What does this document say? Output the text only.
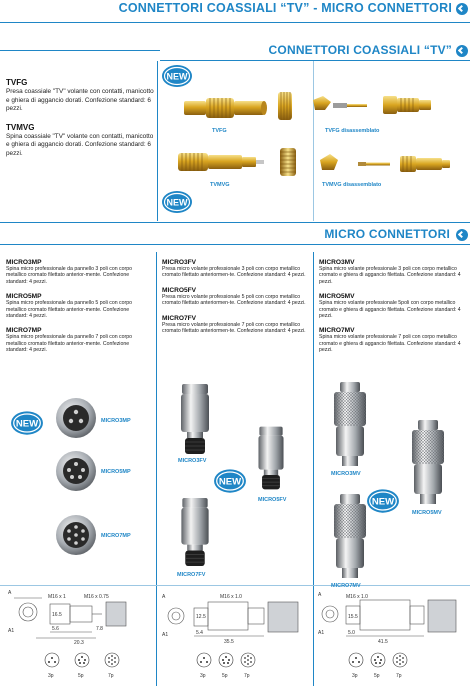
CONNETTORI COASSIALI “TV” - MICRO CONNETTORI
CONNETTORI COASSIALI “TV”
TVFG
Presa coassiale "TV" volante con contatti, manicotto e ghiera di aggancio dorati. Confezione standard: 6 pezzi.
TVMVG
Spina coassiale "TV" volante con contatti, manicotto e ghiera di aggancio dorati. Confezione standard: 6 pezzi.
NEW
NEW
TVFG	TVFG disassemblato
TVMVG	TVMVG disassemblato
MICRO CONNETTORI
MICRO3MP
Spina micro professionale da pannello 3 poli con corpo metallico cromato filettato anterior-mente. Confezione standard: 4 pezzi.
MICRO5MP
Spina micro professionale da pannello 5 poli con corpo metallico cromato filettato anterior-mente. Confezione standard: 4 pezzi.
MICRO7MP
Spina micro professionale da pannello 7 poli con corpo metallico cromato filettato anterior-mente. Confezione standard: 4 pezzi.
MICRO3FV
Presa micro volante professionale 3 poli con corpo metallico cromato filettato anteriormen-te. Confezione standard: 4 pezzi.
MICRO5FV
Presa micro volante professionale 5 poli con corpo metallico cromato filettato anteriormen-te. Confezione standard: 4 pezzi.
MICRO7FV
Presa micro volante professionale 7 poli con corpo metallico cromato filettato anteriormen-te. Confezione standard: 4 pezzi.
MICRO3MV
Spina micro volante professionale 3 poli con corpo metallico cromato e ghiera di aggancio filettata. Confezione standard: 4 pezzi.
MICRO5MV
Spina micro volante professionale 5poli con corpo metallico cromato e ghiera di aggancio filettata. Confezione standard: 4 pezzi.
MICRO7MV
Spina micro volante professionale 7 poli con corpo metallico cromato e ghiera di aggancio filettata. Confezione standard: 4 pezzi.
NEW	MICRO3MP
MICRO5MP
MICRO7MP
MICRO3FV
MICRO5FV
NEW
MICRO7FV
MICRO3MV
MICRO5MV
NEW
MICRO7MV
A
A1
M16 x 1	M16 x 0.75
16.5
5.6	7.8
20.3
3p	5p	7p
A
A1
M16 x 1.0
12.5
5.4
35.5
3p	5p	7p
A
A1
M16 x 1.0
15.5
5.0
41.5
3p	5p	7p
